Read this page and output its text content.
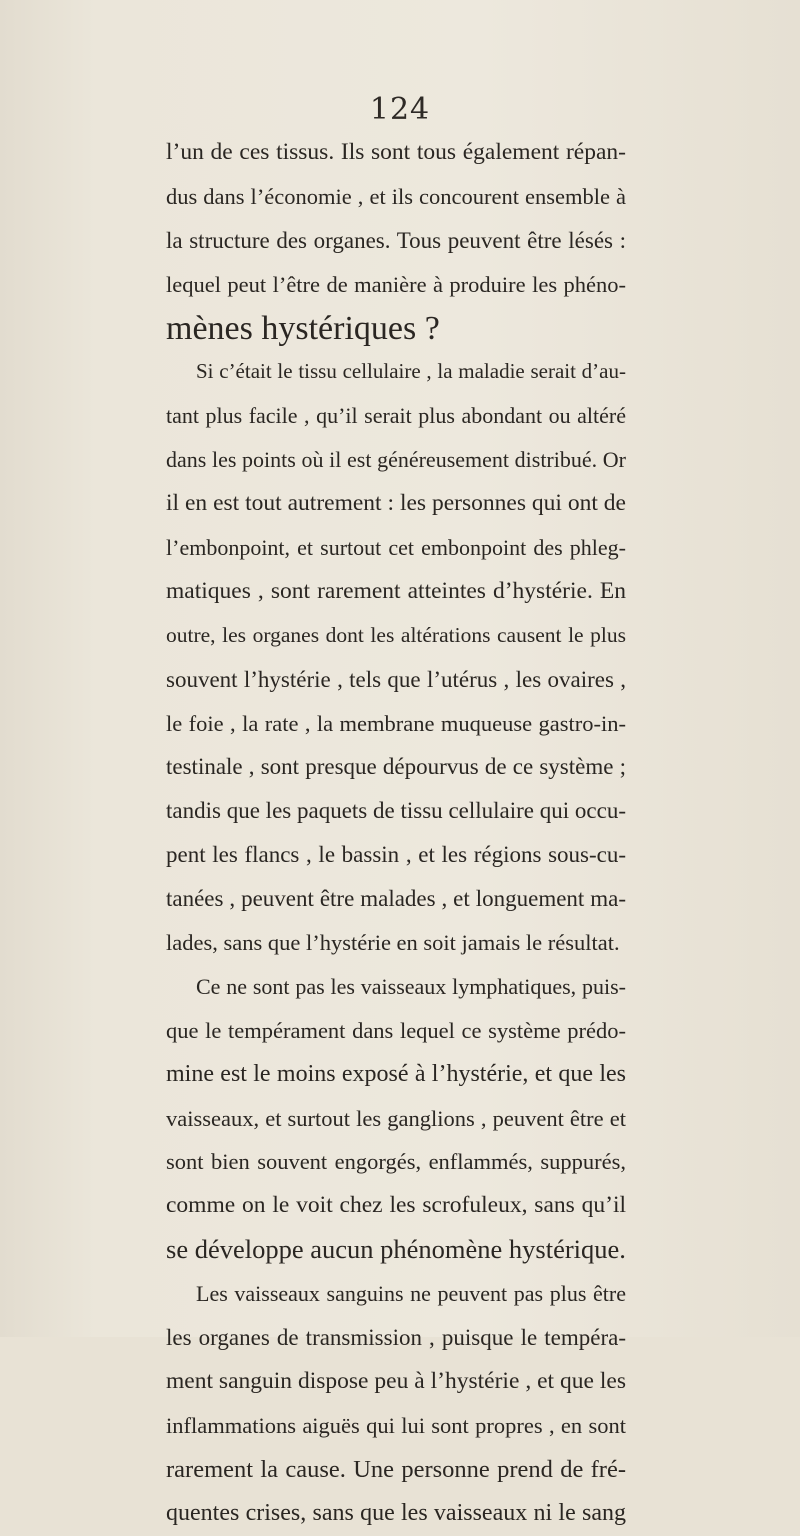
124
l’un de ces tissus. Ils sont tous également répan-
dus dans l’économie , et ils concourent ensemble à
la structure des organes. Tous peuvent être lésés :
lequel peut l’être de manière à produire les phéno-
mènes hystériques ?
Si c’était le tissu cellulaire , la maladie serait d’au-
tant plus facile , qu’il serait plus abondant ou altéré
dans les points où il est généreusement distribué. Or
il en est tout autrement : les personnes qui ont de
l’embonpoint, et surtout cet embonpoint des phleg-
matiques , sont rarement atteintes d’hystérie. En
outre, les organes dont les altérations causent le plus
souvent l’hystérie , tels que l’utérus , les ovaires ,
le foie , la rate , la membrane muqueuse gastro-in-
testinale , sont presque dépourvus de ce système ;
tandis que les paquets de tissu cellulaire qui occu-
pent les flancs , le bassin , et les régions sous-cu-
tanées , peuvent être malades , et longuement ma-
lades, sans que l’hystérie en soit jamais le résultat.
Ce ne sont pas les vaisseaux lymphatiques, puis-
que le tempérament dans lequel ce système prédo-
mine est le moins exposé à l’hystérie, et que les
vaisseaux, et surtout les ganglions , peuvent être et
sont bien souvent engorgés, enflammés, suppurés,
comme on le voit chez les scrofuleux, sans qu’il
se développe aucun phénomène hystérique.
Les vaisseaux sanguins ne peuvent pas plus être
les organes de transmission , puisque le tempéra-
ment sanguin dispose peu à l’hystérie , et que les
inflammations aiguës qui lui sont propres , en sont
rarement la cause. Une personne prend de fré-
quentes crises, sans que les vaisseaux ni le sang
